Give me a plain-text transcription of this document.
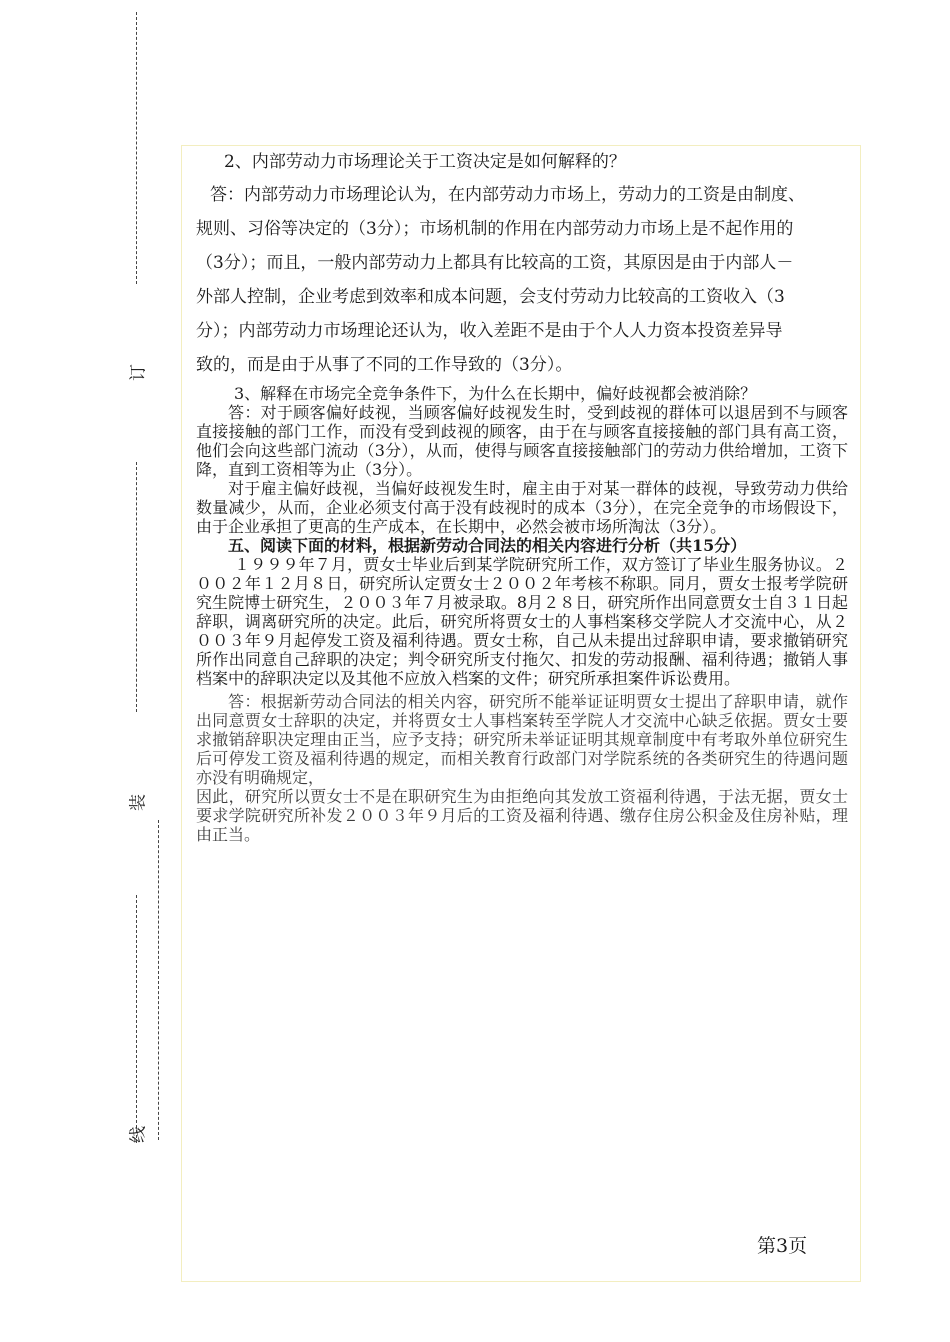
订
装
线

2、内部劳动力市场理论关于工资决定是如何解释的？

答：内部劳动力市场理论认为，在内部劳动力市场上，劳动力的工资是由制度、

规则、习俗等决定的（3分）；市场机制的作用在内部劳动力市场上是不起作用的

（3分）；而且，一般内部劳动力上都具有比较高的工资，其原因是由于内部人－

外部人控制，企业考虑到效率和成本问题，会支付劳动力比较高的工资收入（3

分）；内部劳动力市场理论还认为，收入差距不是由于个人人力资本投资差异导

致的，而是由于从事了不同的工作导致的（3分）。

3、解释在市场完全竞争条件下，为什么在长期中，偏好歧视都会被消除？

答：对于顾客偏好歧视，当顾客偏好歧视发生时，受到歧视的群体可以退居到不与顾客直接接触的部门工作，而没有受到歧视的顾客，由于在与顾客直接接触的部门具有高工资，他们会向这些部门流动（3分），从而，使得与顾客直接接触部门的劳动力供给增加，工资下降，直到工资相等为止（3分）。

对于雇主偏好歧视，当偏好歧视发生时，雇主由于对某一群体的歧视，导致劳动力供给数量减少，从而，企业必须支付高于没有歧视时的成本（3分），在完全竞争的市场假设下，由于企业承担了更高的生产成本，在长期中，必然会被市场所淘汰（3分）。

五、阅读下面的材料，根据新劳动合同法的相关内容进行分析（共15分）

１９９９年７月，贾女士毕业后到某学院研究所工作，双方签订了毕业生服务协议。２００２年１２月８日，研究所认定贾女士２００２年考核不称职。同月，贾女士报考学院研究生院博士研究生，２００３年７月被录取。8月２８日，研究所作出同意贾女士自３１日起辞职，调离研究所的决定。此后，研究所将贾女士的人事档案移交学院人才交流中心，从２００３年９月起停发工资及福利待遇。贾女士称，自己从未提出过辞职申请，要求撤销研究所作出同意自己辞职的决定；判令研究所支付拖欠、扣发的劳动报酬、福利待遇；撤销人事档案中的辞职决定以及其他不应放入档案的文件；研究所承担案件诉讼费用。

答：根据新劳动合同法的相关内容，研究所不能举证证明贾女士提出了辞职申请，就作出同意贾女士辞职的决定，并将贾女士人事档案转至学院人才交流中心缺乏依据。贾女士要求撤销辞职决定理由正当，应予支持；研究所未举证证明其规章制度中有考取外单位研究生后可停发工资及福利待遇的规定，而相关教育行政部门对学院系统的各类研究生的待遇问题亦没有明确规定，

因此，研究所以贾女士不是在职研究生为由拒绝向其发放工资福利待遇，于法无据，贾女士要求学院研究所补发２００３年９月后的工资及福利待遇、缴存住房公积金及住房补贴，理由正当。

第3页
